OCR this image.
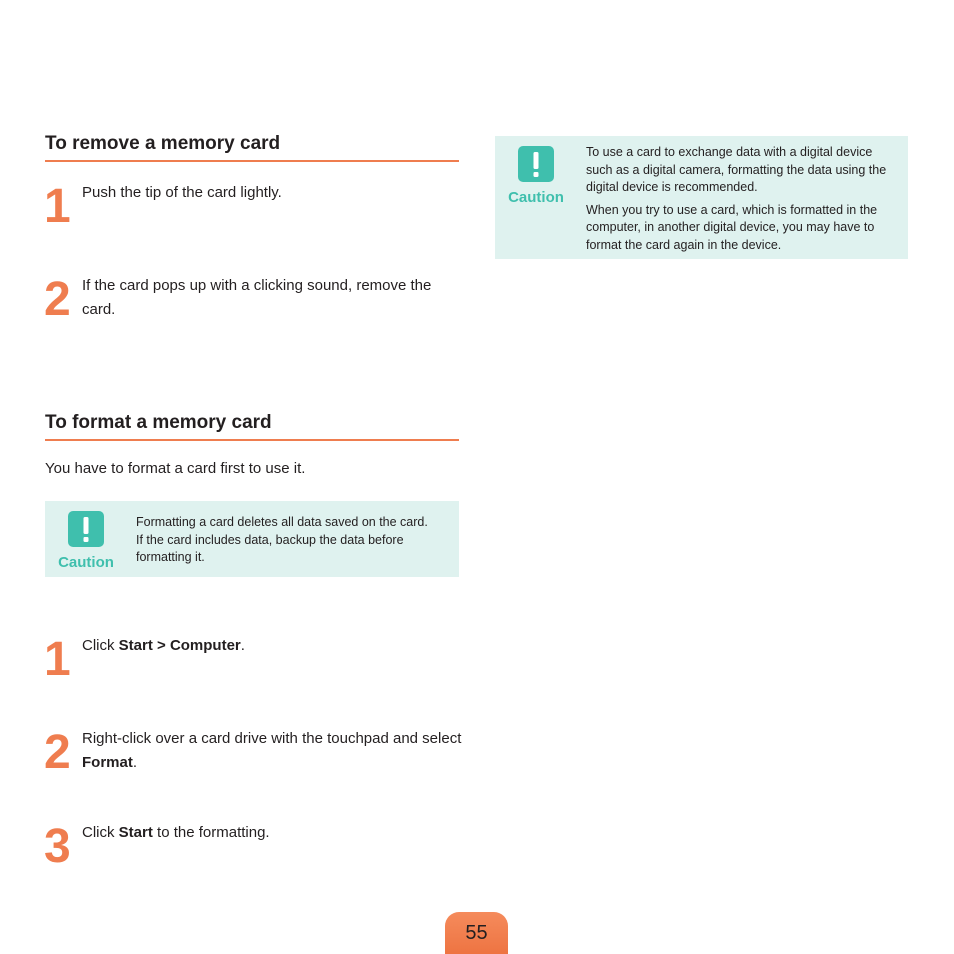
To remove a memory card
1 Push the tip of the card lightly.
2 If the card pops up with a clicking sound, remove the card.
Caution

To use a card to exchange data with a digital device such as a digital camera, formatting the data using the digital device is recommended.

When you try to use a card, which is formatted in the computer, in another digital device, you may have to format the card again in the device.

To format a memory card
You have to format a card first to use it.
Caution
Formatting a card deletes all data saved on the card. If the card includes data, backup the data before formatting it.
1 Click Start > Computer.
2 Right-click over a card drive with the touchpad and select Format.
3 Click Start to the formatting.
55
